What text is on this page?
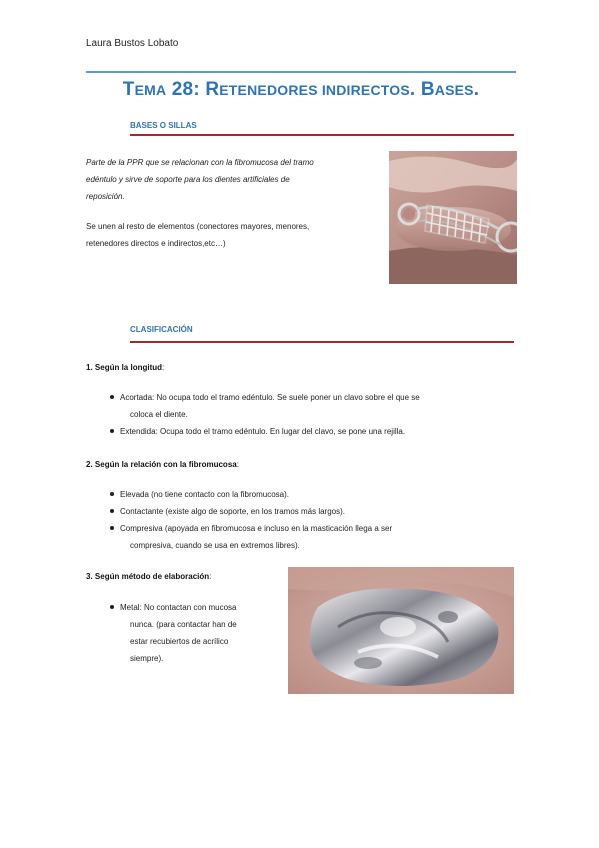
Laura Bustos Lobato
TEMA 28: RETENEDORES INDIRECTOS. BASES.
BASES O SILLAS
Parte de la PPR que se relacionan con la fibromucosa del tramo
edéntulo y sirve de soporte para los dientes artificiales de
reposición.
Se unen al resto de elementos (conectores mayores, menores,
retenedores directos e indirectos,etc…)
CLASIFICACIÓN
1. Según la longitud:
Acortada: No ocupa todo el tramo edéntulo. Se suele poner un clavo sobre el que se
coloca el diente.
Extendida: Ocupa todo el tramo edéntulo. En lugar del clavo, se pone una rejilla.
2. Según la relación con la fibromucosa:
Elevada (no tiene contacto con la fibromucosa).
Contactante (existe algo de soporte, en los tramos más largos).
Compresiva (apoyada en fibromucosa e incluso en la masticación llega a ser
compresiva, cuando se usa en extremos libres).
3. Según método de elaboración:
Metal: No contactan con mucosa
nunca. (para contactar han de
estar recubiertos de acrílico
siempre).
